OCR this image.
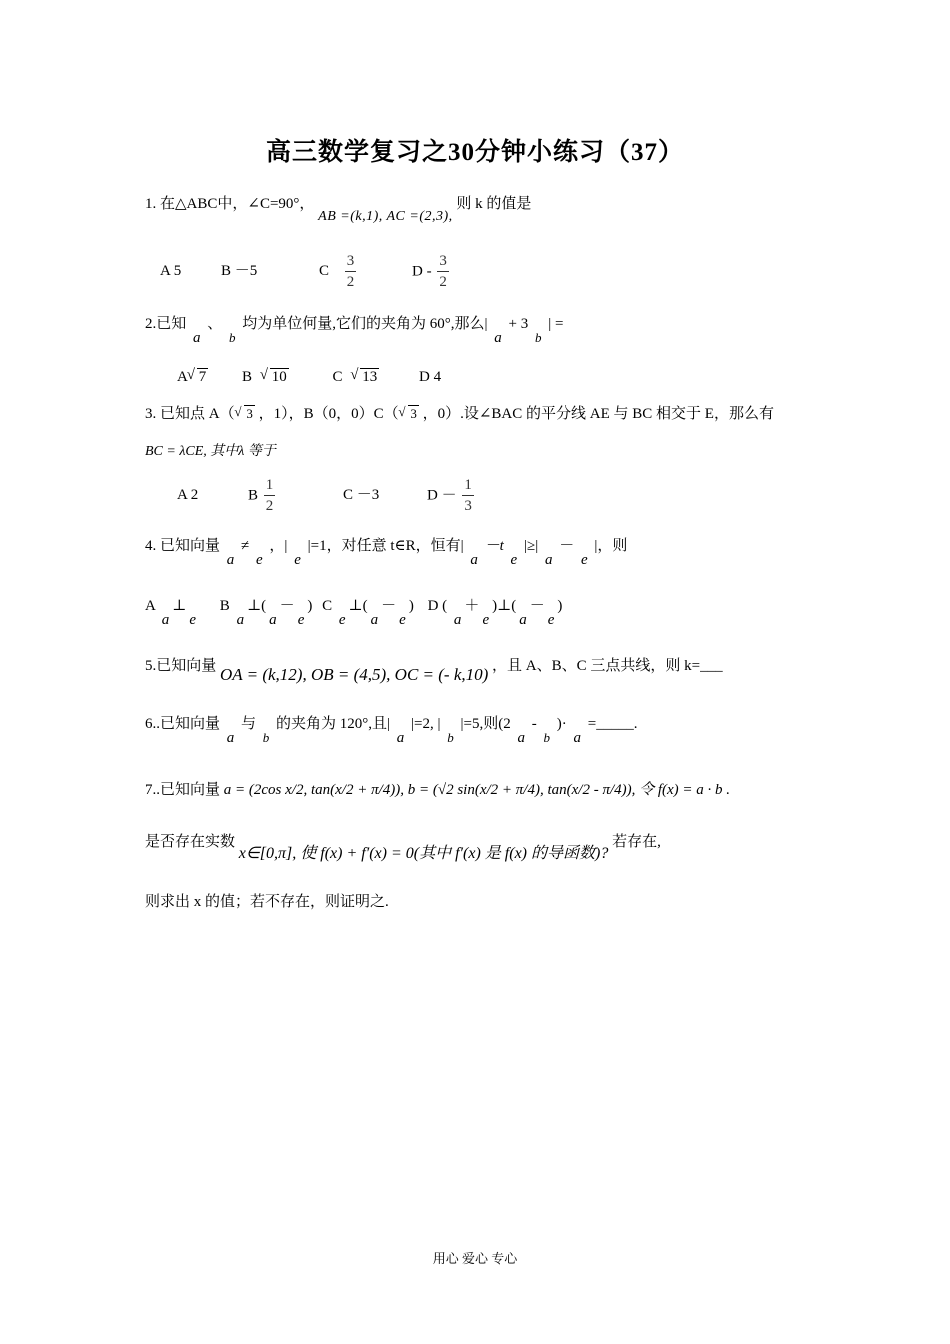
高三数学复习之30分钟小练习（37）
1. 在△ABC中，∠C=90°， AB =(k,1), AC =(2,3), 则 k 的值是
A 5	B －5	C $\frac{3}{2}$	D - $\frac{3}{2}$
2.已知 a 、 b 均为单位何量,它们的夹角为 60°,那么| a + 3 b | =
A √ 7 B √ 10	C √ 13	D 4
3. 已知点 A（ √ 3 ，1），B（0，0）C（ √ 3 ，0）.设∠BAC 的平分线 AE 与 BC 相交于 E，那么有
BC = λCE, 其中λ 等于
A 2	B $\frac{1}{2}$	C －3	$D - \frac{1}{3}$
4. 已知向量 a ≠ e ，| e |=1，对任意 t∈R，恒有| a －t e |≥| a － e |，则
A a⊥e B a⊥(a－e) C e⊥(a－e) D ( a＋e)⊥(a－e)
5.已知向量 OA = (k,12), OB = (4,5), OC = (- k,10) ，且 A、B、C 三点共线，则 k=___
6..已知向量 a 与 b 的夹角为 120°,且| a |=2, | b |=5,则(2 a - b )· a =_____.
7..已知向量 a = (2cos x/2, tan(x/2 + π/4)), b = (√2 sin(x/2 + π/4), tan(x/2 - π/4)), 令 f(x) = a · b .
是否存在实数 x∈[0,π], 使 f(x) + f′(x) = 0(其中 f′(x) 是 f(x) 的导函数)? 若存在,
则求出 x 的值；若不存在，则证明之.
用心 爱心 专心
